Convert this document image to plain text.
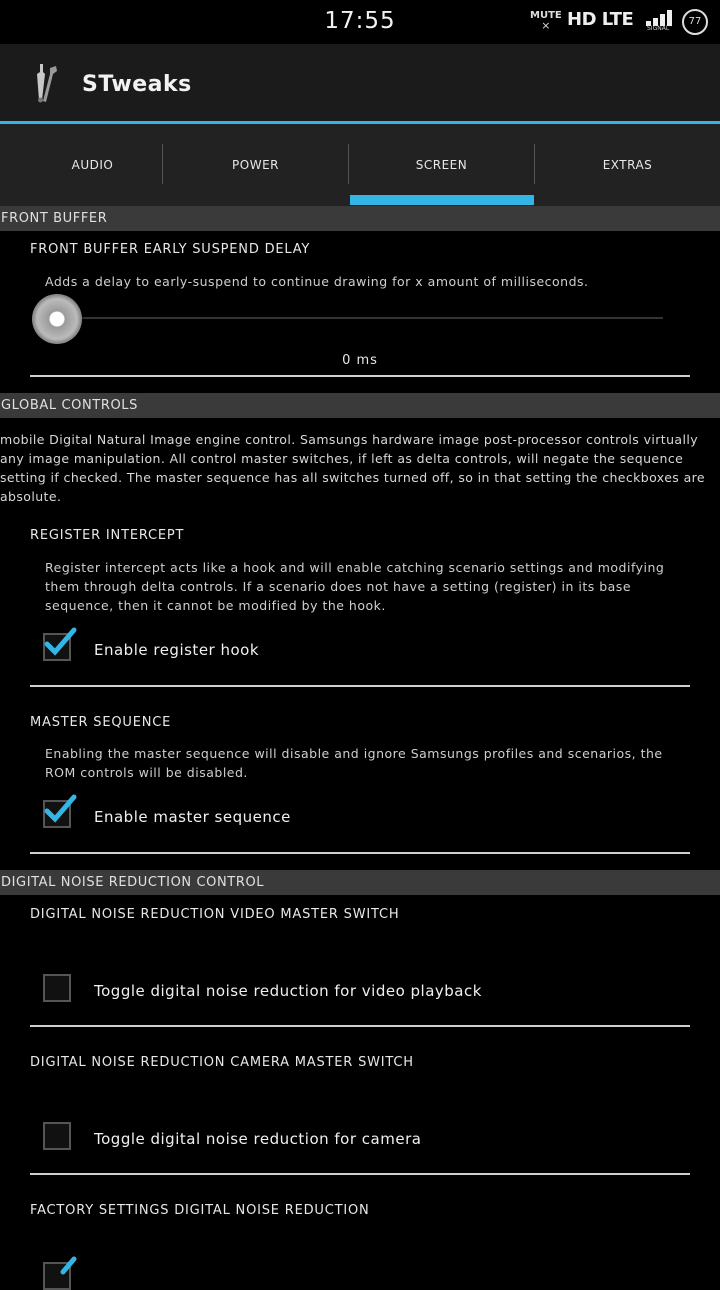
17:55	MUTE
× HD LTE SIGNAL
77
STweaks
AUDIO	POWER	SCREEN	EXTRAS
FRONT BUFFER
FRONT BUFFER EARLY SUSPEND DELAY
Adds a delay to early-suspend to continue drawing for x amount of milliseconds.
0 ms
GLOBAL CONTROLS
mobile Digital Natural Image engine control. Samsungs hardware image post-processor controls virtually any image manipulation. All control master switches, if left as delta controls, will negate the sequence setting if checked. The master sequence has all switches turned off, so in that setting the checkboxes are absolute.
REGISTER INTERCEPT
Register intercept acts like a hook and will enable catching scenario settings and modifying them through delta controls. If a scenario does not have a setting (register) in its base sequence, then it cannot be modified by the hook.
Enable register hook
MASTER SEQUENCE
Enabling the master sequence will disable and ignore Samsungs profiles and scenarios, the ROM controls will be disabled.
Enable master sequence
DIGITAL NOISE REDUCTION CONTROL
DIGITAL NOISE REDUCTION VIDEO MASTER SWITCH
Toggle digital noise reduction for video playback
DIGITAL NOISE REDUCTION CAMERA MASTER SWITCH
Toggle digital noise reduction for camera
FACTORY SETTINGS DIGITAL NOISE REDUCTION
